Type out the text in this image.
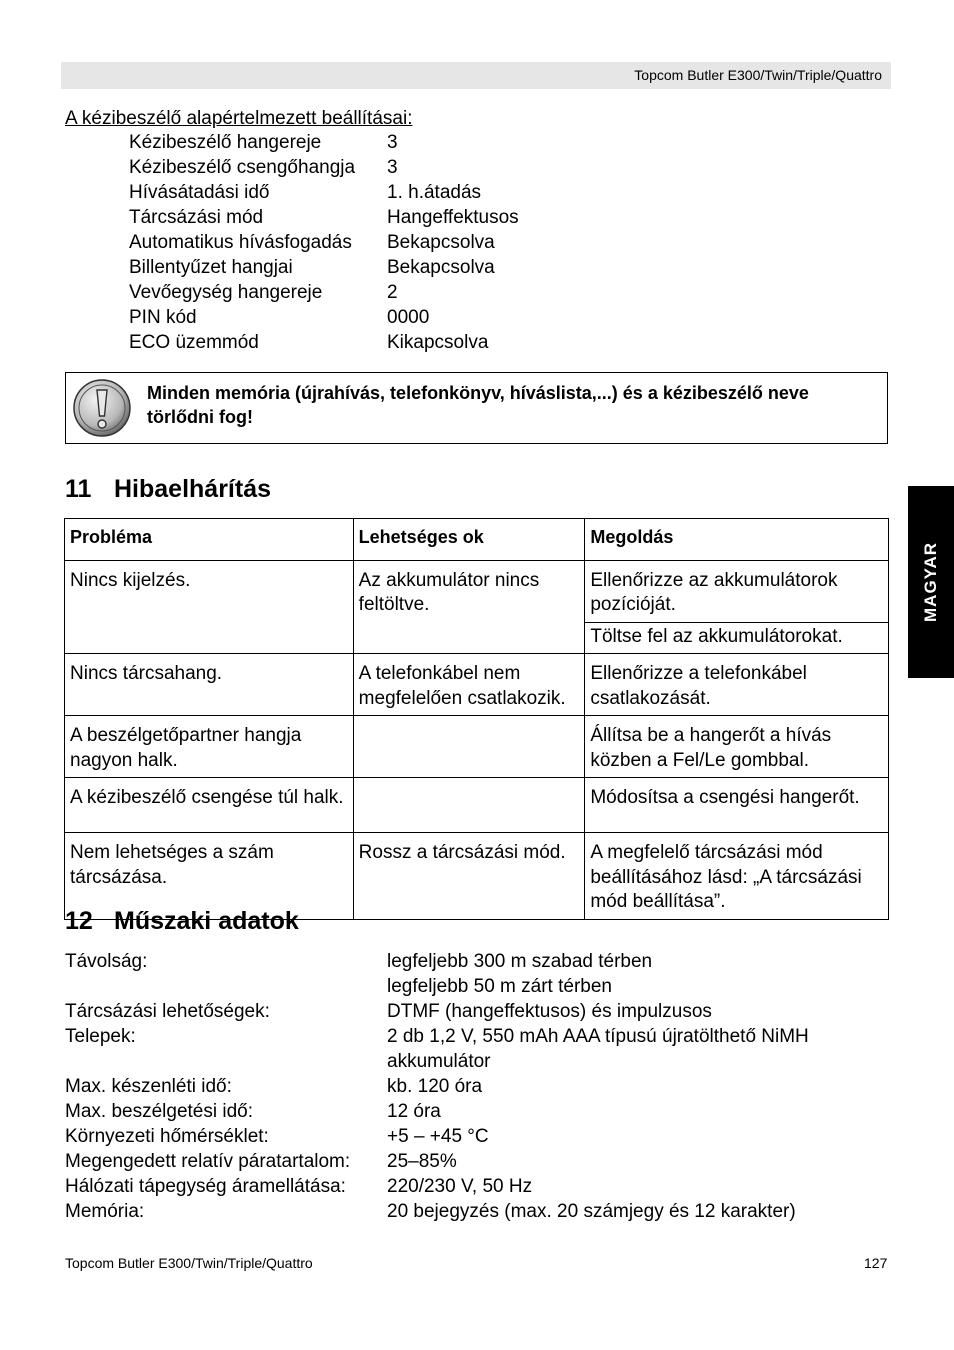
Topcom Butler E300/Twin/Triple/Quattro
MAGYAR
A kézibeszélő alapértelmezett beállításai:
Kézibeszélő hangereje	3
Kézibeszélő csengőhangja	3
Hívásátadási idő	1. h.átadás
Tárcsázási mód	Hangeffektusos
Automatikus hívásfogadás	Bekapcsolva
Billentyűzet hangjai	Bekapcsolva
Vevőegység hangereje	2
PIN kód	0000
ECO üzemmód	Kikapcsolva
Minden memória (újrahívás, telefonkönyv, híváslista,...) és a kézibeszélő neve törlődni fog!
11 Hibaelhárítás
Probléma	Lehetséges ok	Megoldás
Nincs kijelzés.	Az akkumulátor nincs feltöltve.	Ellenőrizze az akkumulátorok pozícióját.
		Töltse fel az akkumulátorokat.
Nincs tárcsahang.	A telefonkábel nem megfelelően csatlakozik.	Ellenőrizze a telefonkábel csatlakozását.
A beszélgetőpartner hangja nagyon halk.		Állítsa be a hangerőt a hívás közben a Fel/Le gombbal.
A kézibeszélő csengése túl halk.		Módosítsa a csengési hangerőt.
Nem lehetséges a szám tárcsázása.	Rossz a tárcsázási mód.	A megfelelő tárcsázási mód beállításához lásd: „A tárcsázási mód beállítása”.
12 Műszaki adatok
Távolság:	legfeljebb 300 m szabad térben
legfeljebb 50 m zárt térben
Tárcsázási lehetőségek:	DTMF (hangeffektusos) és impulzusos
Telepek:	2 db 1,2 V, 550 mAh AAA típusú újratölthető NiMH akkumulátor
Max. készenléti idő:	kb. 120 óra
Max. beszélgetési idő:	12 óra
Környezeti hőmérséklet:	+5 – +45 °C
Megengedett relatív páratartalom:	25–85%
Hálózati tápegység áramellátása:	220/230 V, 50 Hz
Memória:	20 bejegyzés (max. 20 számjegy és 12 karakter)
Topcom Butler E300/Twin/Triple/Quattro	127
